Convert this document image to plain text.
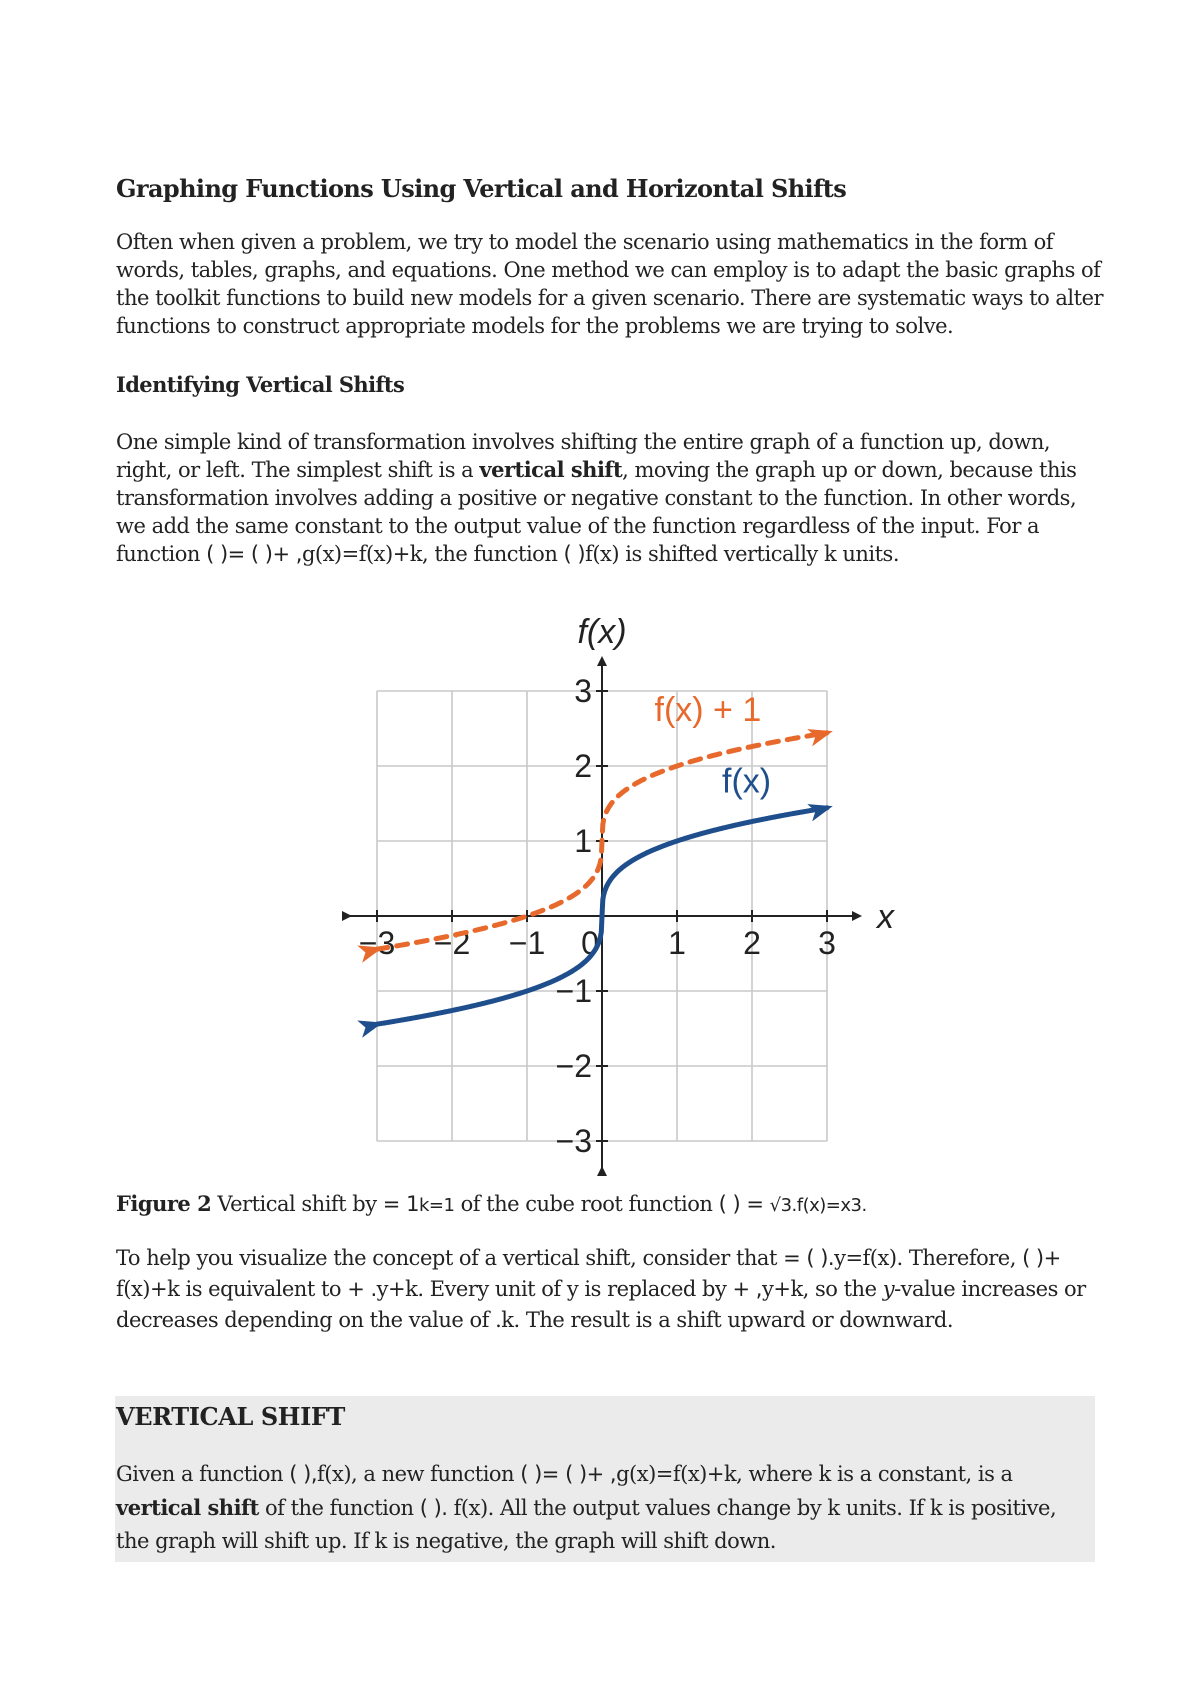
Graphing Functions Using Vertical and Horizontal Shifts
Often when given a problem, we try to model the scenario using mathematics in the form of words, tables, graphs, and equations. One method we can employ is to adapt the basic graphs of the toolkit functions to build new models for a given scenario. There are systematic ways to alter functions to construct appropriate models for the problems we are trying to solve.
Identifying Vertical Shifts
One simple kind of transformation involves shifting the entire graph of a function up, down, right, or left. The simplest shift is a vertical shift, moving the graph up or down, because this transformation involves adding a positive or negative constant to the function. In other words, we add the same constant to the output value of the function regardless of the input. For a function ( )= ( )+ ,g(x)=f(x)+k, the function ( )f(x) is shifted vertically k units.
−3 −2 −1 0 1 2 3
3
2
1
−1
−2
−3
x
f(x)
f(x) + 1
f(x)
Figure 2 Vertical shift by = 1k=1 of the cube root function ( ) = √3.f(x)=x3.
To help you visualize the concept of a vertical shift, consider that = ( ).y=f(x). Therefore, ( )+ f(x)+k is equivalent to + .y+k. Every unit of y is replaced by + ,y+k, so the y-value increases or decreases depending on the value of .k. The result is a shift upward or downward.
VERTICAL SHIFT
Given a function ( ),f(x), a new function ( )= ( )+ ,g(x)=f(x)+k, where k is a constant, is a vertical shift of the function ( ). f(x). All the output values change by k units. If k is positive, the graph will shift up. If k is negative, the graph will shift down.
